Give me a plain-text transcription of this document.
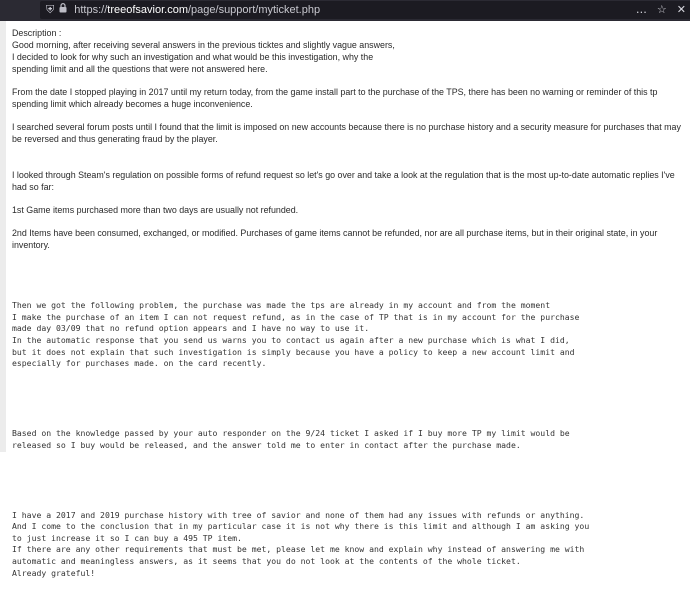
⛨ https://treeofsavior.com/page/support/myticket.php	… ☆ ✕

Description :

Good morning, after receiving several answers in the previous ticktes and slightly vague answers,

I decided to look for why such an investigation and what would be this investigation, why the

spending limit and all the questions that were not answered here.

From the date I stopped playing in 2017 until my return today, from the game install part to the purchase of the TPS, there has been no warning or reminder of this tp spending limit which already becomes a huge inconvenience.

I searched several forum posts until I found that the limit is imposed on new accounts because there is no purchase history and a security measure for purchases that may be reversed and thus generating fraud by the player.

I looked through Steam's regulation on possible forms of refund request so let's go over and take a look at the regulation that is the most up-to-date automatic replies I've had so far:

1st Game items purchased more than two days are usually not refunded.

2nd Items have been consumed, exchanged, or modified. Purchases of game items cannot be refunded, nor are all purchase items, but in their original state, in your inventory.

Then we got the following problem, the purchase was made the tps are already in my account and from the moment
I make the purchase of an item I can not request refund, as in the case of TP that is in my account for the purchase
made day 03/09 that no refund option appears and I have no way to use it.
In the automatic response that you send us warns you to contact us again after a new purchase which is what I did,
but it does not explain that such investigation is simply because you have a policy to keep a new account limit and
especially for purchases made. on the card recently.

Based on the knowledge passed by your auto responder on the 9/24 ticket I asked if I buy more TP my limit would be
released so I buy would be released, and the answer told me to enter in contact after the purchase made.

I have a 2017 and 2019 purchase history with tree of savior and none of them had any issues with refunds or anything.
And I come to the conclusion that in my particular case it is not why there is this limit and although I am asking you
to just increase it so I can buy a 495 TP item.
If there are any other requirements that must be met, please let me know and explain why instead of answering me with
automatic and meaningless answers, as it seems that you do not look at the contents of the whole ticket.
Already grateful!
